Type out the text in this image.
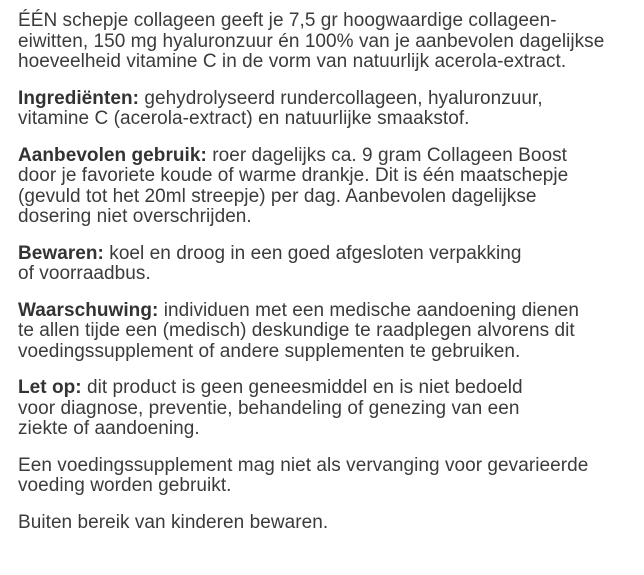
ÉÉN schepje collageen geeft je 7,5 gr hoogwaardige collageen-
eiwitten, 150 mg hyaluronzuur én 100% van je aanbevolen dagelijkse
hoeveelheid vitamine C in de vorm van natuurlijk acerola-extract.

Ingrediënten: gehydrolyseerd rundercollageen, hyaluronzuur,
vitamine C (acerola-extract) en natuurlijke smaakstof.

Aanbevolen gebruik: roer dagelijks ca. 9 gram Collageen Boost
door je favoriete koude of warme drankje. Dit is één maatschepje
(gevuld tot het 20ml streepje) per dag. Aanbevolen dagelijkse
dosering niet overschrijden.

Bewaren: koel en droog in een goed afgesloten verpakking
of voorraadbus.

Waarschuwing: individuen met een medische aandoening dienen
te allen tijde een (medisch) deskundige te raadplegen alvorens dit
voedingssupplement of andere supplementen te gebruiken.

Let op: dit product is geen geneesmiddel en is niet bedoeld
voor diagnose, preventie, behandeling of genezing van een
ziekte of aandoening.

Een voedingssupplement mag niet als vervanging voor gevarieerde
voeding worden gebruikt.

Buiten bereik van kinderen bewaren.
